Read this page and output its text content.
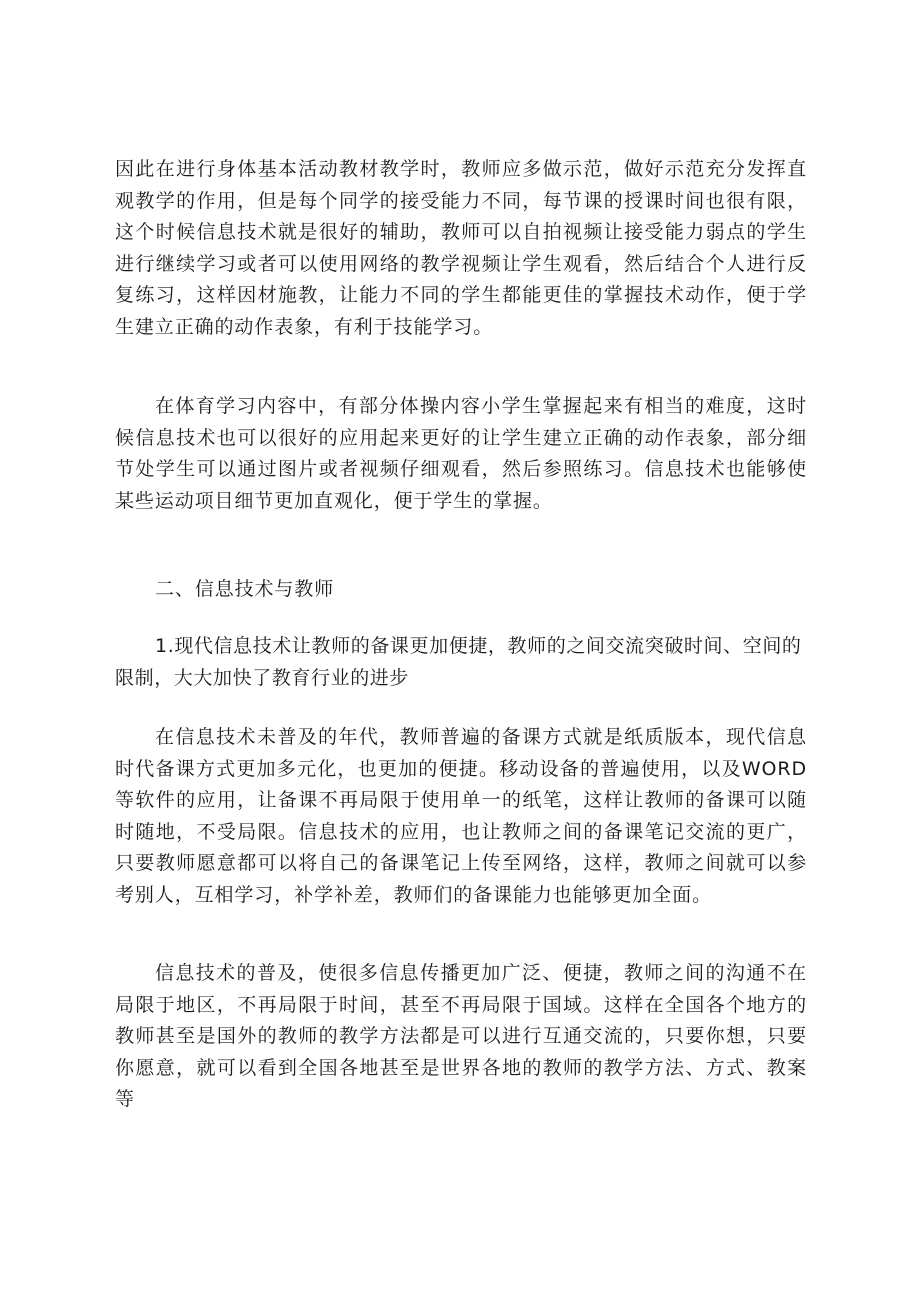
因此在进行身体基本活动教材教学时，教师应多做示范，做好示范充分发挥直观教学的作用，但是每个同学的接受能力不同，每节课的授课时间也很有限，这个时候信息技术就是很好的辅助，教师可以自拍视频让接受能力弱点的学生进行继续学习或者可以使用网络的教学视频让学生观看，然后结合个人进行反复练习，这样因材施教，让能力不同的学生都能更佳的掌握技术动作，便于学生建立正确的动作表象，有利于技能学习。

在体育学习内容中，有部分体操内容小学生掌握起来有相当的难度，这时候信息技术也可以很好的应用起来更好的让学生建立正确的动作表象，部分细节处学生可以通过图片或者视频仔细观看，然后参照练习。信息技术也能够使某些运动项目细节更加直观化，便于学生的掌握。

二、信息技术与教师

1.现代信息技术让教师的备课更加便捷，教师的之间交流突破时间、空间的限制，大大加快了教育行业的进步

在信息技术未普及的年代，教师普遍的备课方式就是纸质版本，现代信息时代备课方式更加多元化，也更加的便捷。移动设备的普遍使用，以及WORD等软件的应用，让备课不再局限于使用单一的纸笔，这样让教师的备课可以随时随地，不受局限。信息技术的应用，也让教师之间的备课笔记交流的更广，只要教师愿意都可以将自己的备课笔记上传至网络，这样，教师之间就可以参考别人，互相学习，补学补差，教师们的备课能力也能够更加全面。

信息技术的普及，使很多信息传播更加广泛、便捷，教师之间的沟通不在局限于地区，不再局限于时间，甚至不再局限于国域。这样在全国各个地方的教师甚至是国外的教师的教学方法都是可以进行互通交流的，只要你想，只要你愿意，就可以看到全国各地甚至是世界各地的教师的教学方法、方式、教案等
